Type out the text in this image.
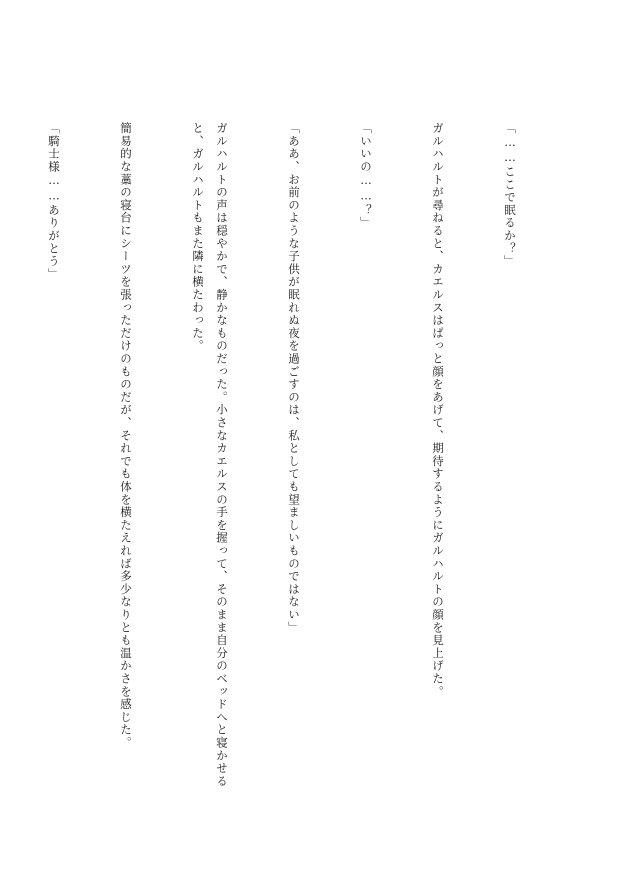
「……ここで眠るか？」

ガルハルトが尋ねると、カエルスはぱっと顔をあげて、期待するようにガルハルトの顔を見上げた。

「いいの……？」

「ああ、お前のような子供が眠れぬ夜を過ごすのは、私としても望ましいものではない」

ガルハルトの声は穏やかで、静かなものだった。小さなカエルスの手を握って、そのまま自分のベッドへと寝かせると、ガルハルトもまた隣に横たわった。

簡易的な藁の寝台にシーツを張っただけのものだが、それでも体を横たえれば多少なりとも温かさを感じた。

「騎士様……ありがとう」
